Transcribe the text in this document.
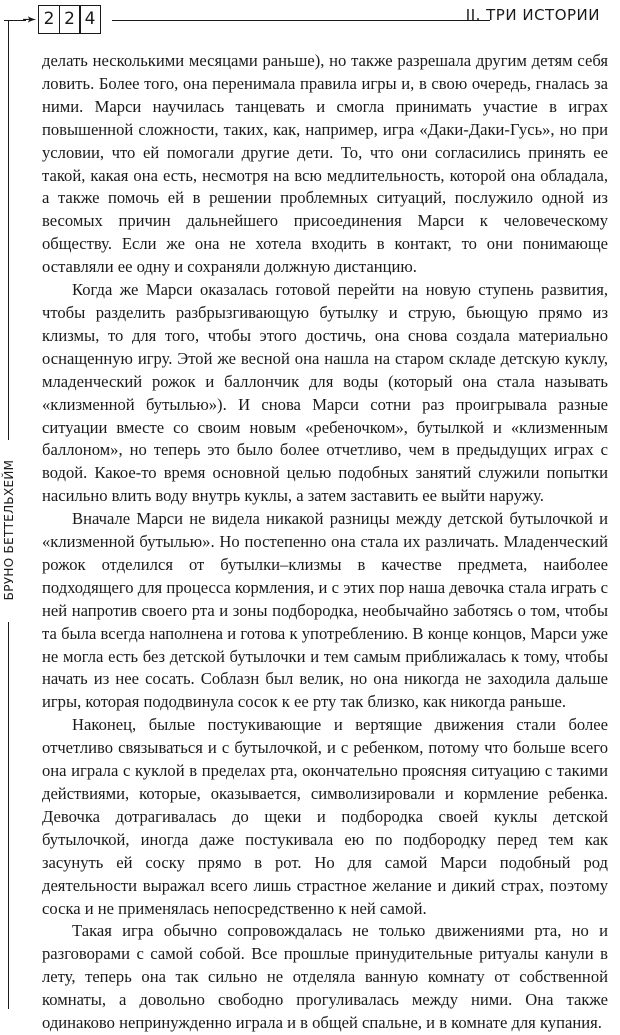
➛ 2 2 4	II. ТРИ ИСТОРИИ
БРУНО БЕТТЕЛЬХЕЙМ

делать несколькими месяцами раньше), но также разрешала другим детям себя ловить. Более того, она перенимала правила игры и, в свою очередь, гналась за ними. Марси научилась танцевать и смогла принимать участие в играх повышенной сложности, таких, как, например, игра «Даки-Даки-Гусь», но при условии, что ей помогали другие дети. То, что они согласились принять ее такой, какая она есть, несмотря на всю медлительность, которой она обладала, а также помочь ей в решении проблемных ситуаций, послужило одной из весомых причин дальнейшего присоединения Марси к человеческому обществу. Если же она не хотела входить в контакт, то они понимающе оставляли ее одну и сохраняли должную дистанцию.

Когда же Марси оказалась готовой перейти на новую ступень развития, чтобы разделить разбрызгивающую бутылку и струю, бьющую прямо из клизмы, то для того, чтобы этого достичь, она снова создала материально оснащенную игру. Этой же весной она нашла на старом складе детскую куклу, младенческий рожок и баллончик для воды (который она стала называть «клизменной бутылью»). И снова Марси сотни раз проигрывала разные ситуации вместе со своим новым «ребеночком», бутылкой и «клизменным баллоном», но теперь это было более отчетливо, чем в предыдущих играх с водой. Какое-то время основной целью подобных занятий служили попытки насильно влить воду внутрь куклы, а затем заставить ее выйти наружу.

Вначале Марси не видела никакой разницы между детской бутылочкой и «клизменной бутылью». Но постепенно она стала их различать. Младенческий рожок отделился от бутылки–клизмы в качестве предмета, наиболее подходящего для процесса кормления, и с этих пор наша девочка стала играть с ней напротив своего рта и зоны подбородка, необычайно заботясь о том, чтобы та была всегда наполнена и готова к употреблению. В конце концов, Марси уже не могла есть без детской бутылочки и тем самым приближалась к тому, чтобы начать из нее сосать. Соблазн был велик, но она никогда не заходила дальше игры, которая пододвинула сосок к ее рту так близко, как никогда раньше.

Наконец, былые постукивающие и вертящие движения стали более отчетливо связываться и с бутылочкой, и с ребенком, потому что больше всего она играла с куклой в пределах рта, окончательно проясняя ситуацию с такими действиями, которые, оказывается, символизировали и кормление ребенка. Девочка дотрагивалась до щеки и подбородка своей куклы детской бутылочкой, иногда даже постукивала ею по подбородку перед тем как засунуть ей соску прямо в рот. Но для самой Марси подобный род деятельности выражал всего лишь страстное желание и дикий страх, поэтому соска и не применялась непосредственно к ней самой.

Такая игра обычно сопровождалась не только движениями рта, но и разговорами с самой собой. Все прошлые принудительные ритуалы канули в лету, теперь она так сильно не отделяла ванную комнату от собственной комнаты, а довольно свободно прогуливалась между ними. Она также одинаково непринужденно играла и в общей спальне, и в комнате для купания.
